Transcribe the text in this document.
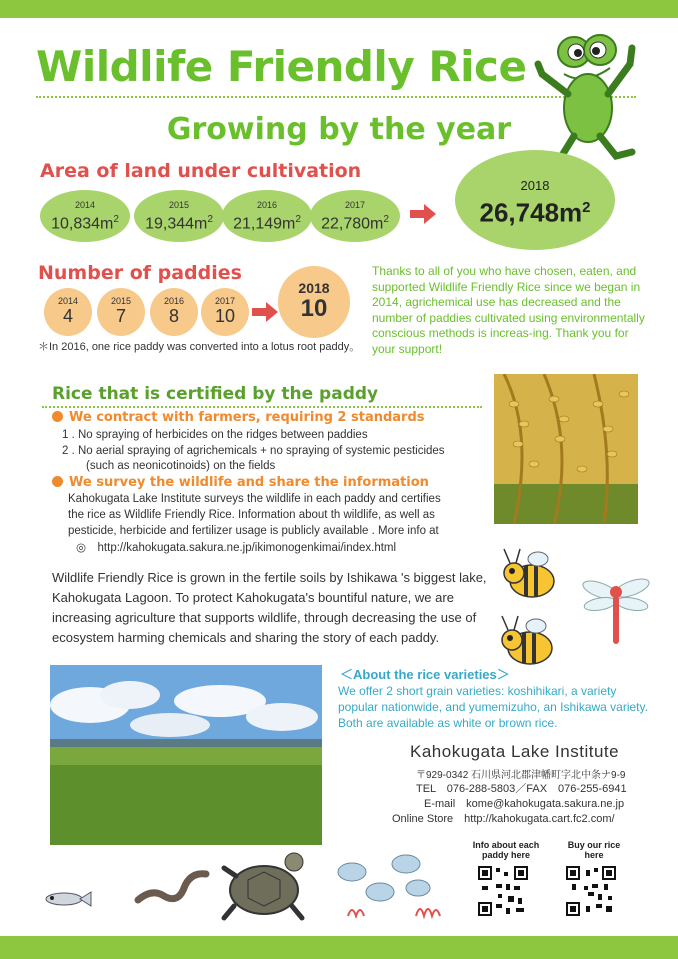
Wildlife Friendly Rice
Growing by the year
Area of land under cultivation
2014
$10,834m^2$
2015
$19,344m^2$
2016
$21,149m^2$
2017
$22,780m^2$
2018
$26,748m^2$
Number of paddies
2014
4
2015
7
2016
8
2017
10
2018
10
＊In 2016, one rice paddy was converted into a lotus root paddy。
Thanks to all of you who have chosen, eaten, and supported Wildlife Friendly Rice since we began in 2014, agrichemical use has decreased and the number of paddies cultivated using environmentally conscious methods is increas-ing. Thank you for your support!
Rice that is certified by the paddy
We contract with farmers, requiring 2 standards
1 . No spraying of herbicides on the ridges between paddies
2 . No aerial spraying of agrichemicals + no spraying of systemic pesticides
(such as neonicotinoids) on the fields
We survey the wildlife and share the information
Kahokugata Lake Institute surveys the wildlife in each paddy and certifies
the rice as Wildlife Friendly Rice. Information about th wildlife, as well as
pesticide, herbicide and fertilizer usage is publicly available . More info at
◎　http://kahokugata.sakura.ne.jp/ikimonogenkimai/index.html
Wildlife Friendly Rice is grown in the fertile soils by Ishikawa 's biggest lake, Kahokugata Lagoon. To protect Kahokugata's bountiful nature, we are increasing agriculture that supports wildlife, through decreasing the use of ecosystem harming chemicals and sharing the story of each paddy.
＜About the rice varieties＞
We offer 2 short grain varieties: koshihikari, a variety popular nationwide, and yumemizuho, an Ishikawa variety. Both are available as white or brown rice.
Kahokugata Lake Institute
〒929-0342 石川県河北郡津幡町字北中条ナ9-9
TEL　076-288-5803／FAX　076-255-6941
E-mail　kome@kahokugata.sakura.ne.jp
Online Store　http://kahokugata.cart.fc2.com/
Info about each paddy here
Buy our rice here
